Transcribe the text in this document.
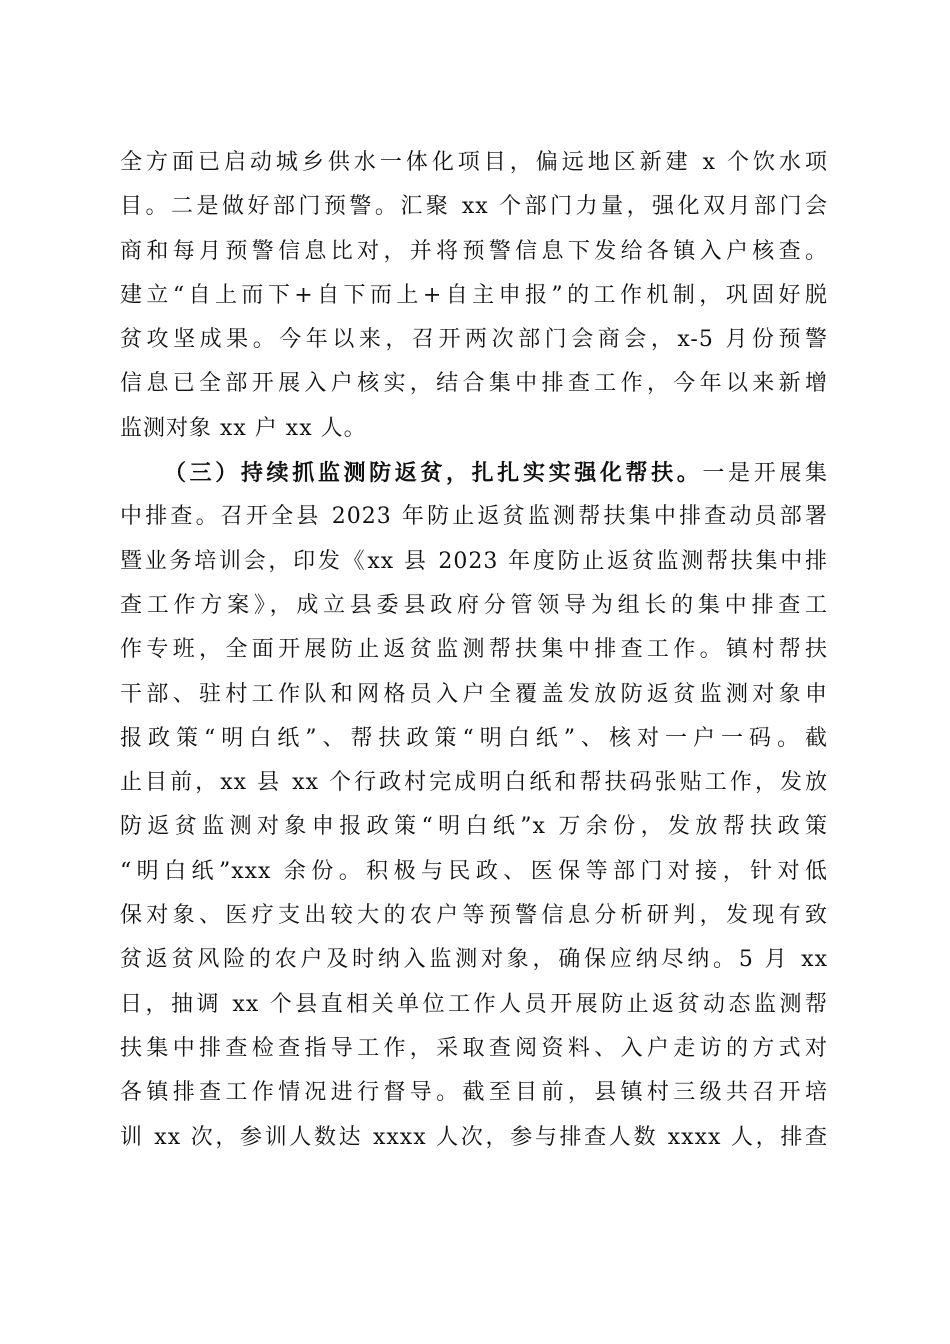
全方面已启动城乡供水一体化项目，偏远地区新建 x 个饮水项
目。二是做好部门预警。汇聚 xx 个部门力量，强化双月部门会
商和每月预警信息比对，并将预警信息下发给各镇入户核查。
建立“自上而下+自下而上+自主申报”的工作机制，巩固好脱
贫攻坚成果。今年以来，召开两次部门会商会，x-5 月份预警
信息已全部开展入户核实，结合集中排查工作，今年以来新增
监测对象 xx 户 xx 人。
（三）持续抓监测防返贫，扎扎实实强化帮扶。一是开展集
中排查。召开全县 2023 年防止返贫监测帮扶集中排查动员部署
暨业务培训会，印发《xx 县 2023 年度防止返贫监测帮扶集中排
查工作方案》，成立县委县政府分管领导为组长的集中排查工
作专班，全面开展防止返贫监测帮扶集中排查工作。镇村帮扶
干部、驻村工作队和网格员入户全覆盖发放防返贫监测对象申
报政策“明白纸”、帮扶政策“明白纸”、核对一户一码。截
止目前，xx 县 xx 个行政村完成明白纸和帮扶码张贴工作，发放
防返贫监测对象申报政策“明白纸”x 万余份，发放帮扶政策
“明白纸”xxx 余份。积极与民政、医保等部门对接，针对低
保对象、医疗支出较大的农户等预警信息分析研判，发现有致
贫返贫风险的农户及时纳入监测对象，确保应纳尽纳。5 月 xx
日，抽调 xx 个县直相关单位工作人员开展防止返贫动态监测帮
扶集中排查检查指导工作，采取查阅资料、入户走访的方式对
各镇排查工作情况进行督导。截至目前，县镇村三级共召开培
训 xx 次，参训人数达 xxxx 人次，参与排查人数 xxxx 人，排查
